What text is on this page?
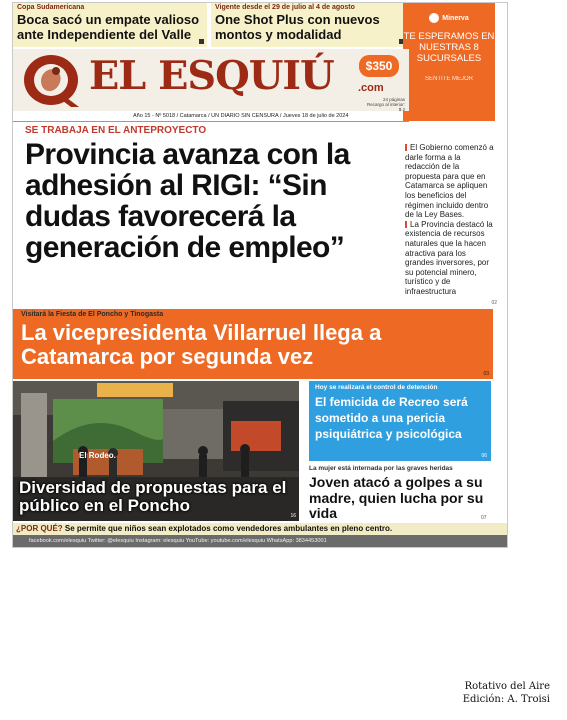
Copa Sudamericana
Boca sacó un empate valioso ante Independiente del Valle
Vigente desde el 29 de julio al 4 de agosto
One Shot Plus con nuevos montos y modalidad
Minerva
TE ESPERAMOS EN NUESTRAS 8 SUCURSALES
SENTITE MEJOR
EL ESQUIÚ .com
$350
24 páginas Recargo al interior: $ 2
Año 15 - Nº 5018 / Catamarca / UN DIARIO SIN CENSURA / Jueves 18 de julio de 2024
SE TRABAJA EN EL ANTEPROYECTO
Provincia avanza con la adhesión al RIGI: “Sin dudas favorecerá la generación de empleo”

El Gobierno comenzó a darle forma a la redacción de la propuesta para que en Catamarca se apliquen los beneficios del régimen incluido dentro de la Ley Bases.

La Provincia destacó la existencia de recursos naturales que la hacen atractiva para los grandes inversores, por su potencial minero, turístico y de infraestructura

02
Visitará la Fiesta de El Poncho y Tinogasta
La vicepresidenta Villarruel llega a Catamarca por segunda vez
03
El Rodeo.
Diversidad de propuestas para el público en el Poncho
16
Hoy se realizará el control de detención
El femicida de Recreo será sometido a una pericia psiquiátrica y psicológica
06
La mujer está internada por las graves heridas
Joven atacó a golpes a su madre, quien lucha por su vida	07
¿POR QUÉ? Se permite que niños sean explotados como vendedores ambulantes en pleno centro.
facebook.com/elesquiu Twitter: @elesquiu Instagram: elesquiu YouTube: youtube.com/elesquiu WhatsApp: 3834453001
Rotativo del Aire
Edición: A. Troisi
